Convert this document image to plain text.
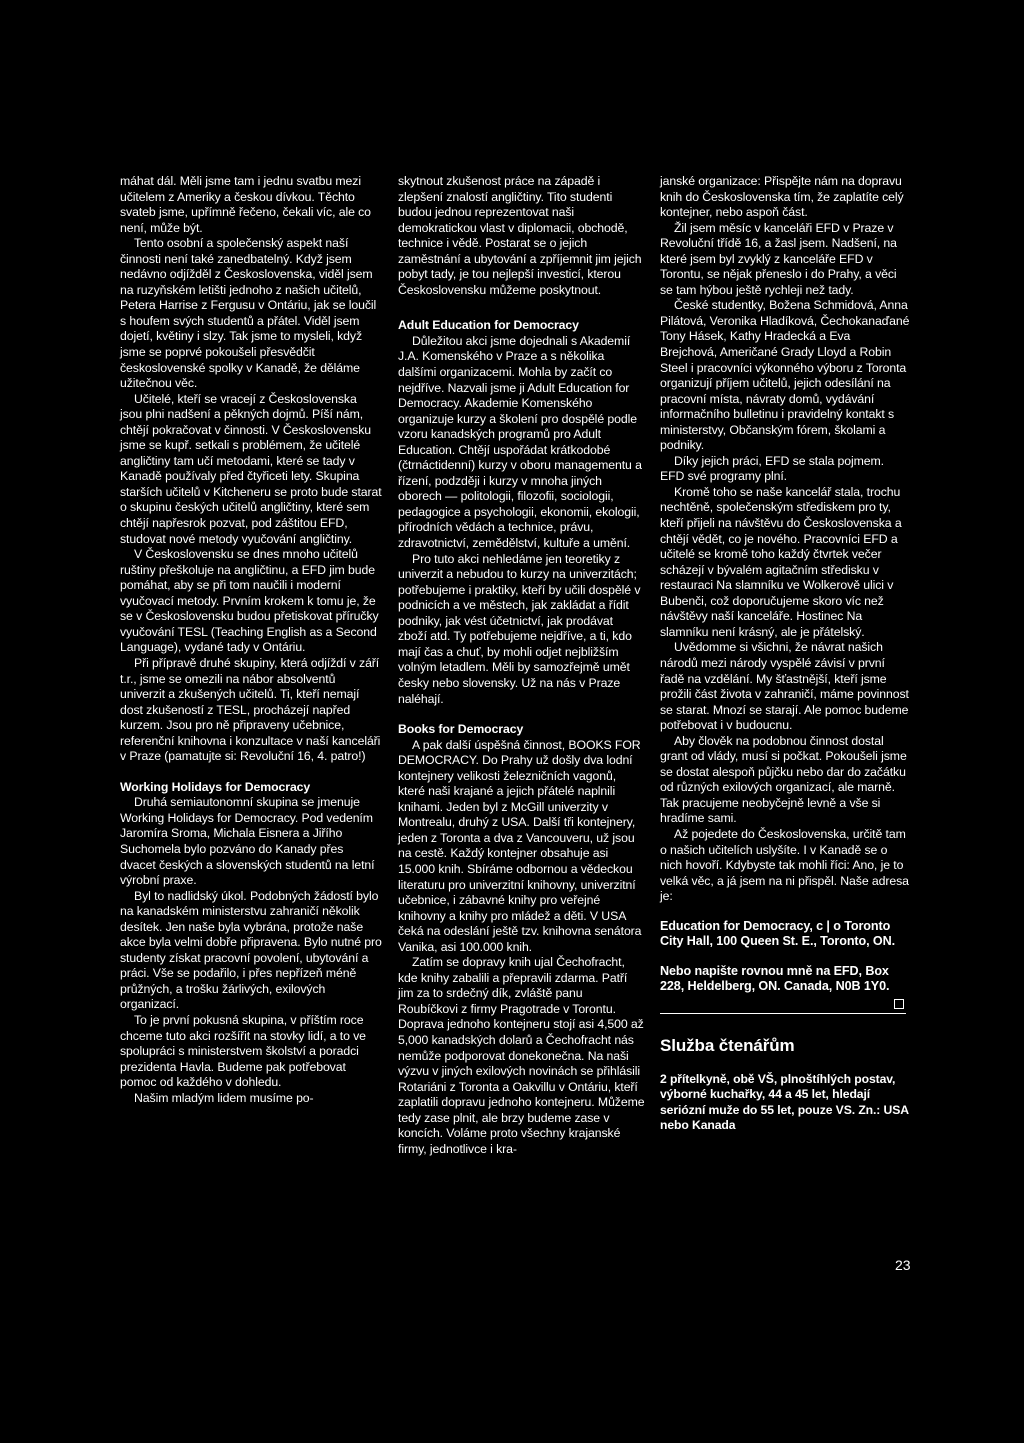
máhat dál. Měli jsme tam i jednu svatbu mezi učitelem z Ameriky a českou dívkou. Těchto svateb jsme, upřímně řečeno, čekali víc, ale co není, může být.

Tento osobní a společenský aspekt naší činnosti není také zanedbatelný. Když jsem nedávno odjížděl z Československa, viděl jsem na ruzyňském letišti jednoho z našich učitelů, Petera Harrise z Fergusu v Ontáriu, jak se loučil s houfem svých studentů a přátel. Viděl jsem dojetí, květiny i slzy. Tak jsme to mysleli, když jsme se poprvé pokoušeli přesvědčit československé spolky v Kanadě, že děláme užitečnou věc.

Učitelé, kteří se vracejí z Československa jsou plni nadšení a pěkných dojmů. Píší nám, chtějí pokračovat v činnosti. V Československu jsme se kupř. setkali s problémem, že učitelé angličtiny tam učí metodami, které se tady v Kanadě používaly před čtyřiceti lety. Skupina starších učitelů v Kitcheneru se proto bude starat o skupinu českých učitelů angličtiny, které sem chtějí napřesrok pozvat, pod záštitou EFD, studovat nové metody vyučování angličtiny.

V Československu se dnes mnoho učitelů ruštiny přeškoluje na angličtinu, a EFD jim bude pomáhat, aby se při tom naučili i moderní vyučovací metody. Prvním krokem k tomu je, že se v Československu budou přetiskovat příručky vyučování TESL (Teaching English as a Second Language), vydané tady v Ontáriu.

Při přípravě druhé skupiny, která odjíždí v září t.r., jsme se omezili na nábor absolventů univerzit a zkušených učitelů. Ti, kteří nemají dost zkušeností z TESL, procházejí napřed kurzem. Jsou pro ně připraveny učebnice, referenční knihovna i konzultace v naší kanceláři v Praze (pamatujte si: Revoluční 16, 4. patro!)

Working Holidays for Democracy

Druhá semiautonomní skupina se jmenuje Working Holidays for Democracy. Pod vedením Jaromíra Sroma, Michala Eisnera a Jiřího Suchomela bylo pozváno do Kanady přes dvacet českých a slovenských studentů na letní výrobní praxe.

Byl to nadlidský úkol. Podobných žádostí bylo na kanadském ministerstvu zahraničí několik desítek. Jen naše byla vybrána, protože naše akce byla velmi dobře připravena. Bylo nutné pro studenty získat pracovní povolení, ubytování a práci. Vše se podařilo, i přes nepřízeň méně průžných, a trošku žárlivých, exilových organizací.

To je první pokusná skupina, v příštím roce chceme tuto akci rozšířit na stovky lidí, a to ve spolupráci s ministerstvem školství a poradci prezidenta Havla. Budeme pak potřebovat pomoc od každého v dohledu.

Našim mladým lidem musíme po-

skytnout zkušenost práce na západě i zlepšení znalostí angličtiny. Tito studenti budou jednou reprezentovat naši demokratickou vlast v diplomacii, obchodě, technice i vědě. Postarat se o jejich zaměstnání a ubytování a zpříjemnit jim jejich pobyt tady, je tou nejlepší investicí, kterou Československu můžeme poskytnout.

Adult Education for Democracy

Důležitou akci jsme dojednali s Akademií J.A. Komenského v Praze a s několika dalšími organizacemi. Mohla by začít co nejdříve. Nazvali jsme ji Adult Education for Democracy. Akademie Komenského organizuje kurzy a školení pro dospělé podle vzoru kanadských programů pro Adult Education. Chtějí uspořádat krátkodobé (čtrnáctidenní) kurzy v oboru managementu a řízení, podzději i kurzy v mnoha jiných oborech — politologii, filozofii, sociologii, pedagogice a psychologii, ekonomii, ekologii, přírodních vědách a technice, právu, zdravotnictví, zemědělství, kultuře a umění.

Pro tuto akci nehledáme jen teoretiky z univerzit a nebudou to kurzy na univerzitách; potřebujeme i praktiky, kteří by učili dospělé v podnicích a ve městech, jak zakládat a řídit podniky, jak vést účetnictví, jak prodávat zboží atd. Ty potřebujeme nejdříve, a ti, kdo mají čas a chuť, by mohli odjet nejbližším volným letadlem. Měli by samozřejmě umět česky nebo slovensky. Už na nás v Praze naléhají.

Books for Democracy

A pak další úspěšná činnost, BOOKS FOR DEMOCRACY. Do Prahy už došly dva lodní kontejnery velikosti železničních vagonů, které naši krajané a jejich přátelé naplnili knihami. Jeden byl z McGill univerzity v Montrealu, druhý z USA. Další tři kontejnery, jeden z Toronta a dva z Vancouveru, už jsou na cestě. Každý kontejner obsahuje asi 15.000 knih. Sbíráme odbornou a vědeckou literaturu pro univerzitní knihovny, univerzitní učebnice, i zábavné knihy pro veřejné knihovny a knihy pro mládež a děti. V USA čeká na odeslání ještě tzv. knihovna senátora Vanika, asi 100.000 knih.

Zatím se dopravy knih ujal Čechofracht, kde knihy zabalili a přepravili zdarma. Patří jim za to srdečný dík, zvláště panu Roubíčkovi z firmy Pragotrade v Torontu. Doprava jednoho kontejneru stojí asi 4,500 až 5,000 kanadských dolarů a Čechofracht nás nemůže podporovat donekonečna. Na naši výzvu v jiných exilových novinách se přihlásili Rotariáni z Toronta a Oakvillu v Ontáriu, kteří zaplatili dopravu jednoho kontejneru. Můžeme tedy zase plnit, ale brzy budeme zase v koncích. Voláme proto všechny krajanské firmy, jednotlivce i kra-

janské organizace: Přispějte nám na dopravu knih do Československa tím, že zaplatíte celý kontejner, nebo aspoň část.

Žil jsem měsíc v kanceláři EFD v Praze v Revoluční třídě 16, a žasl jsem. Nadšení, na které jsem byl zvyklý z kanceláře EFD v Torontu, se nějak přeneslo i do Prahy, a věci se tam hýbou ještě rychleji než tady.

České studentky, Božena Schmidová, Anna Pilátová, Veronika Hladíková, Čechokanaďané Tony Hásek, Kathy Hradecká a Eva Brejchová, Američané Grady Lloyd a Robin Steel i pracovníci výkonného výboru z Toronta organizují příjem učitelů, jejich odesílání na pracovní místa, návraty domů, vydávání informačního bulletinu i pravidelný kontakt s ministerstvy, Občanským fórem, školami a podniky.

Díky jejich práci, EFD se stala pojmem. EFD své programy plní.

Kromě toho se naše kancelář stala, trochu nechtěně, společenským střediskem pro ty, kteří přijeli na návštěvu do Československa a chtějí vědět, co je nového. Pracovníci EFD a učitelé se kromě toho každý čtvrtek večer scházejí v bývalém agitačním středisku v restauraci Na slamníku ve Wolkerově ulici v Bubenči, což doporučujeme skoro víc než návštěvy naší kanceláře. Hostinec Na slamníku není krásný, ale je přátelský.

Uvědomme si všichni, že návrat našich národů mezi národy vyspělé závisí v první řadě na vzdělání. My šťastnější, kteří jsme prožili část života v zahraničí, máme povinnost se starat. Mnozí se starají. Ale pomoc budeme potřebovat i v budoucnu.

Aby člověk na podobnou činnost dostal grant od vlády, musí si počkat. Pokoušeli jsme se dostat alespoň půjčku nebo dar do začátku od různých exilových organizací, ale marně. Tak pracujeme neobyčejně levně a vše si hradíme sami.

Až pojedete do Československa, určitě tam o našich učitelích uslyšíte. I v Kanadě se o nich hovoří. Kdybyste tak mohli říci: Ano, je to velká věc, a já jsem na ni přispěl. Naše adresa je:

Education for Democracy, c | o Toronto City Hall, 100 Queen St. E., Toronto, ON.

Nebo napište rovnou mně na EFD, Box 228, Heldelberg, ON. Canada, N0B 1Y0.

Služba čtenářům

2 přítelkyně, obě VŠ, plnoštíhlých postav, výborné kuchařky, 44 a 45 let, hledají seriózní muže do 55 let, pouze VS. Zn.: USA nebo Kanada

23
